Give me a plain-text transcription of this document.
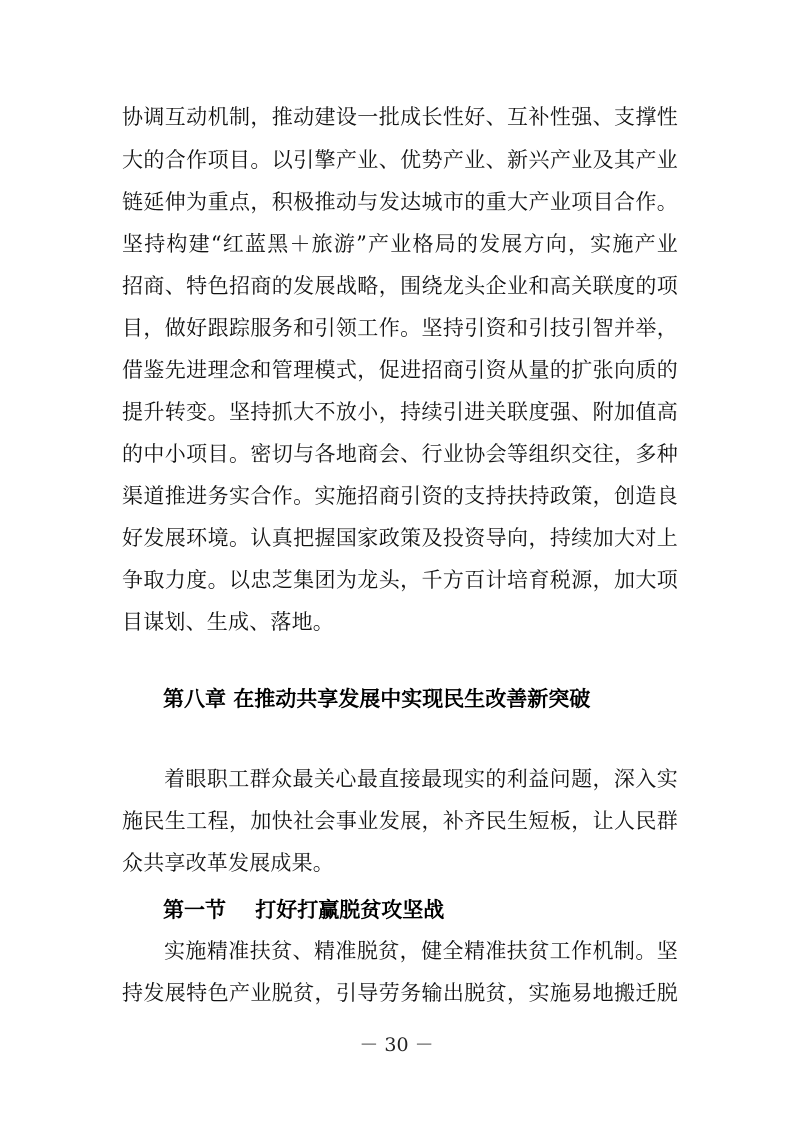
协调互动机制，推动建设一批成长性好、互补性强、支撑性
大的合作项目。以引擎产业、优势产业、新兴产业及其产业
链延伸为重点，积极推动与发达城市的重大产业项目合作。
坚持构建“红蓝黑＋旅游”产业格局的发展方向，实施产业
招商、特色招商的发展战略，围绕龙头企业和高关联度的项
目，做好跟踪服务和引领工作。坚持引资和引技引智并举，
借鉴先进理念和管理模式，促进招商引资从量的扩张向质的
提升转变。坚持抓大不放小，持续引进关联度强、附加值高
的中小项目。密切与各地商会、行业协会等组织交往，多种
渠道推进务实合作。实施招商引资的支持扶持政策，创造良
好发展环境。认真把握国家政策及投资导向，持续加大对上
争取力度。以忠芝集团为龙头，千方百计培育税源，加大项
目谋划、生成、落地。
第八章 在推动共享发展中实现民生改善新突破
着眼职工群众最关心最直接最现实的利益问题，深入实
施民生工程，加快社会事业发展，补齐民生短板，让人民群
众共享改革发展成果。
第一节    打好打赢脱贫攻坚战
实施精准扶贫、精准脱贫，健全精准扶贫工作机制。坚
持发展特色产业脱贫，引导劳务输出脱贫，实施易地搬迁脱
－ 30 －
